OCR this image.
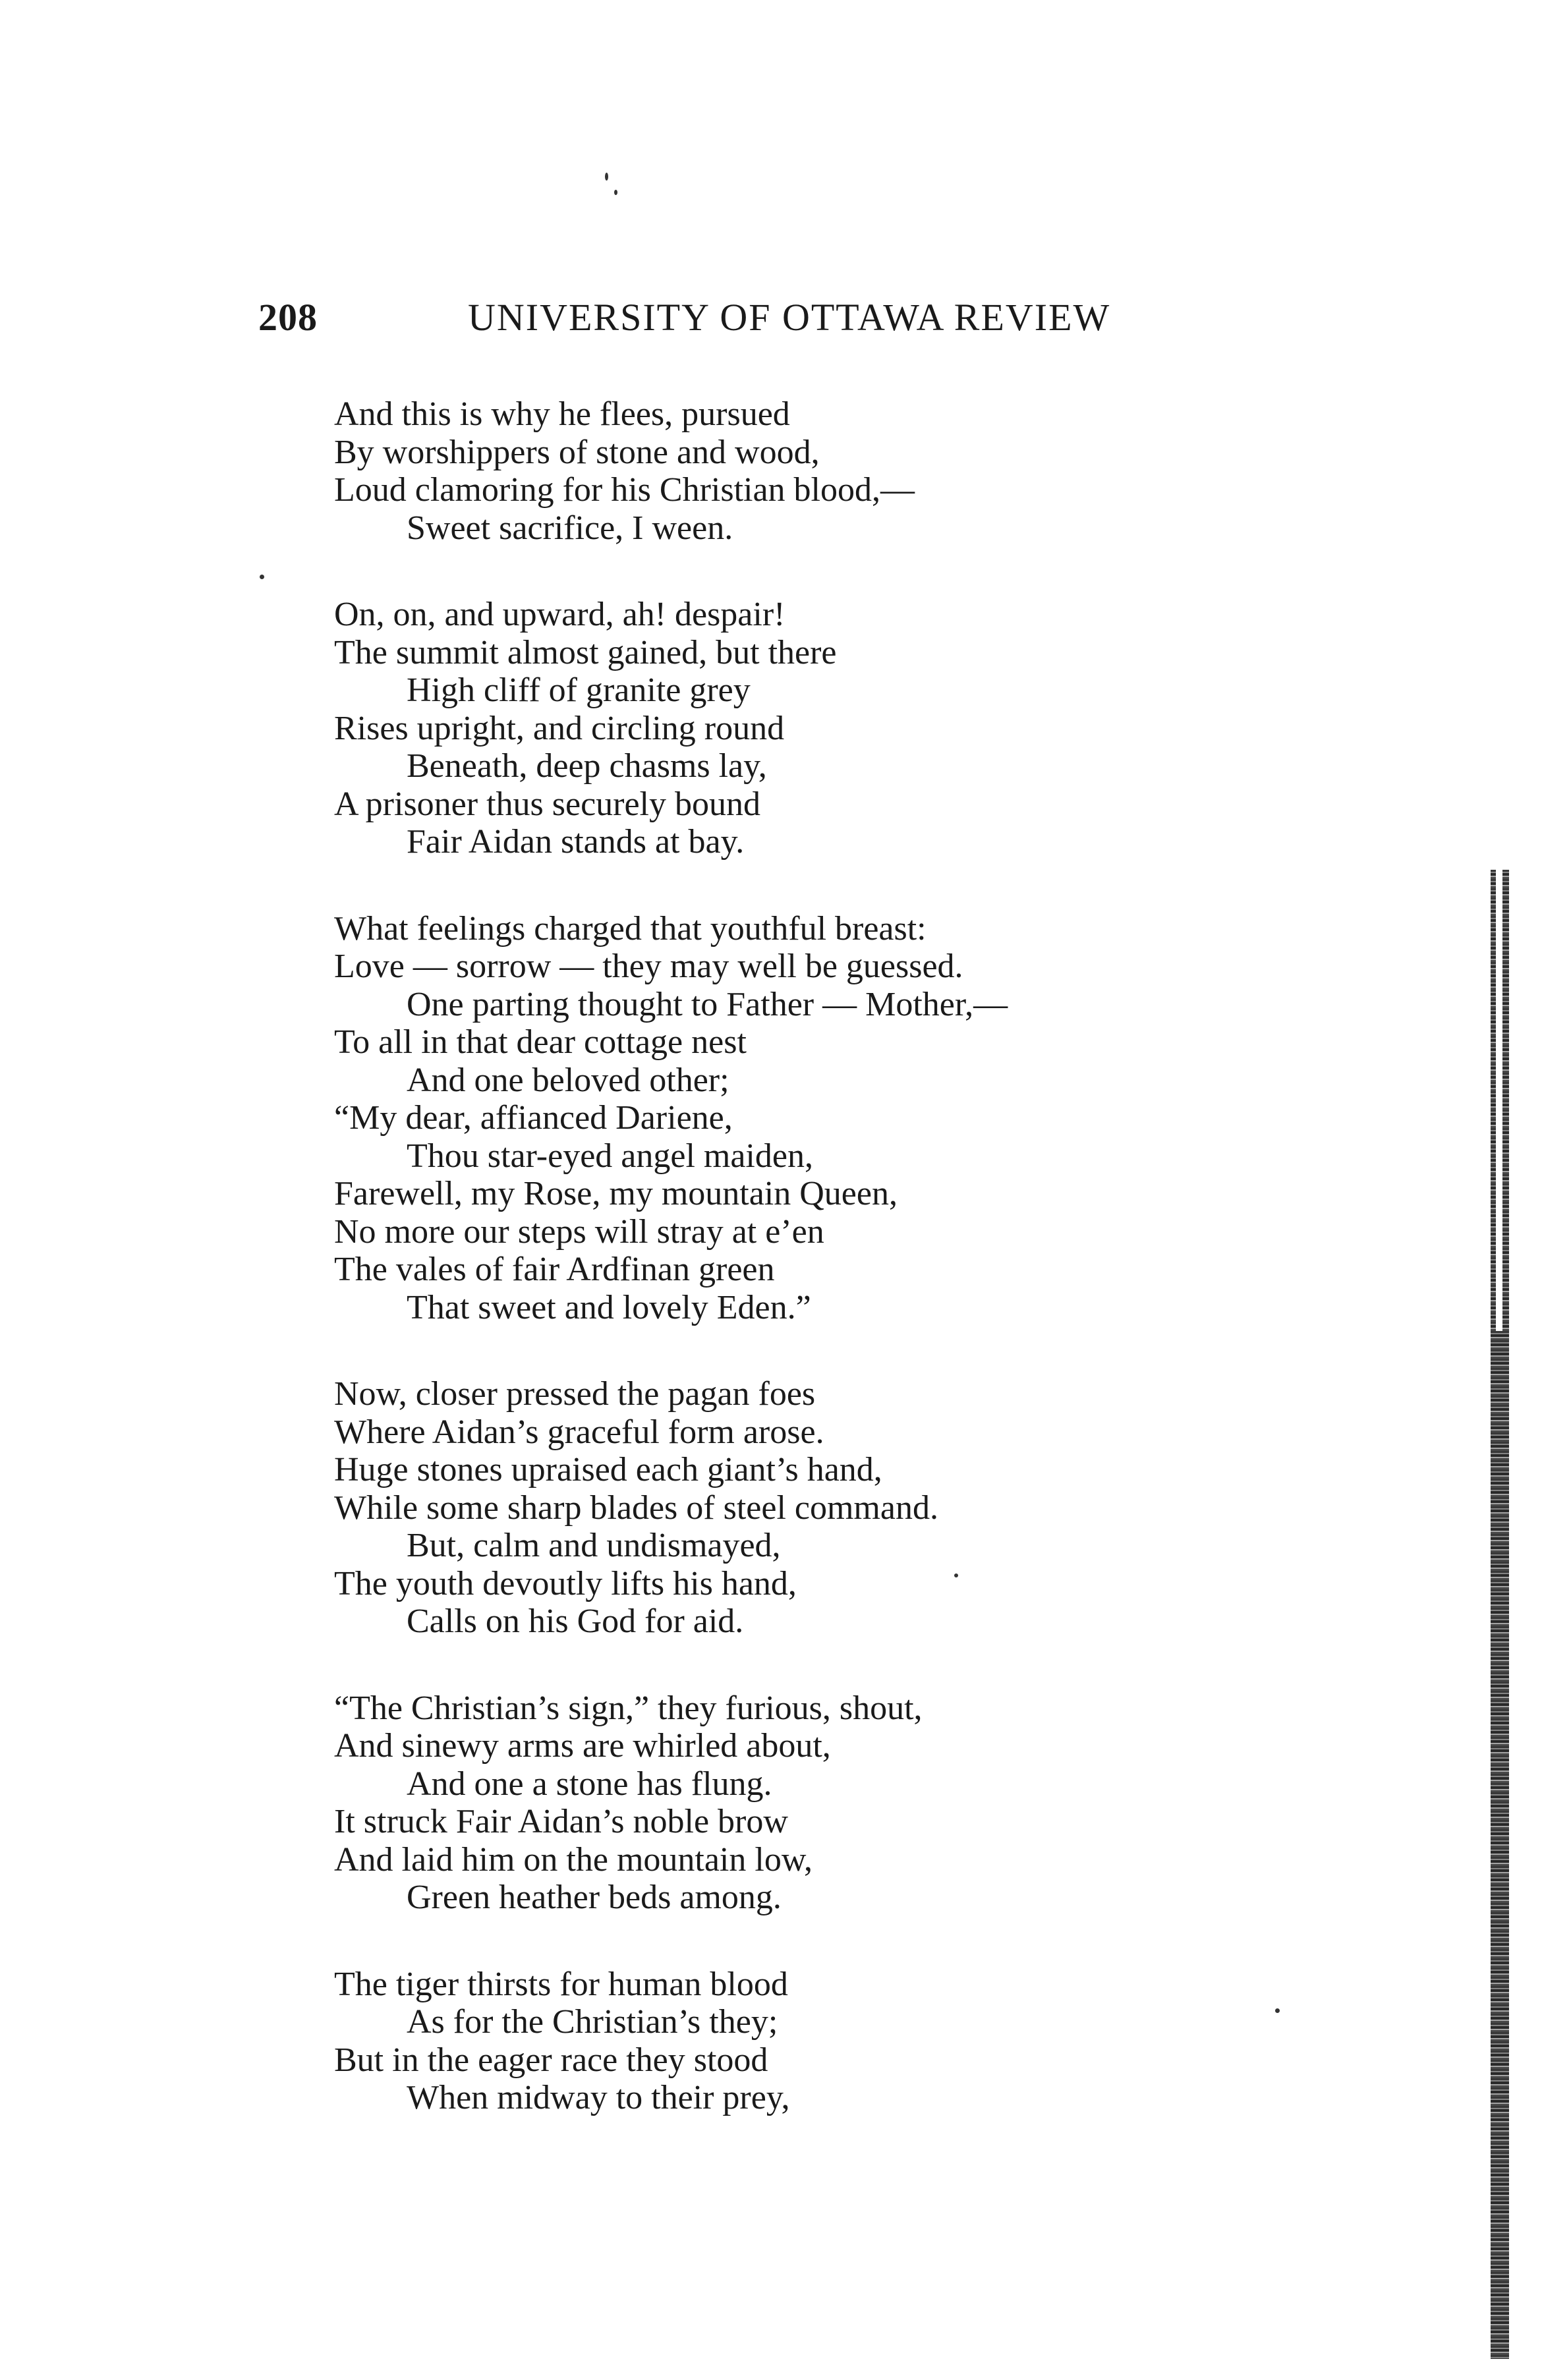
208	UNIVERSITY OF OTTAWA REVIEW
And this is why he flees, pursued
By worshippers of stone and wood,
Loud clamoring for his Christian blood,—
Sweet sacrifice, I ween.
On, on, and upward, ah! despair!
The summit almost gained, but there
High cliff of granite grey
Rises upright, and circling round
Beneath, deep chasms lay,
A prisoner thus securely bound
Fair Aidan stands at bay.
What feelings charged that youthful breast:
Love — sorrow — they may well be guessed.
One parting thought to Father — Mother,—
To all in that dear cottage nest
And one beloved other;
“My dear, affianced Dariene,
Thou star-eyed angel maiden,
Farewell, my Rose, my mountain Queen,
No more our steps will stray at e’en
The vales of fair Ardfinan green
That sweet and lovely Eden.”
Now, closer pressed the pagan foes
Where Aidan’s graceful form arose.
Huge stones upraised each giant’s hand,
While some sharp blades of steel command.
But, calm and undismayed,
The youth devoutly lifts his hand,
Calls on his God for aid.
“The Christian’s sign,” they furious, shout,
And sinewy arms are whirled about,
And one a stone has flung.
It struck Fair Aidan’s noble brow
And laid him on the mountain low,
Green heather beds among.
The tiger thirsts for human blood
As for the Christian’s they;
But in the eager race they stood
When midway to their prey,
